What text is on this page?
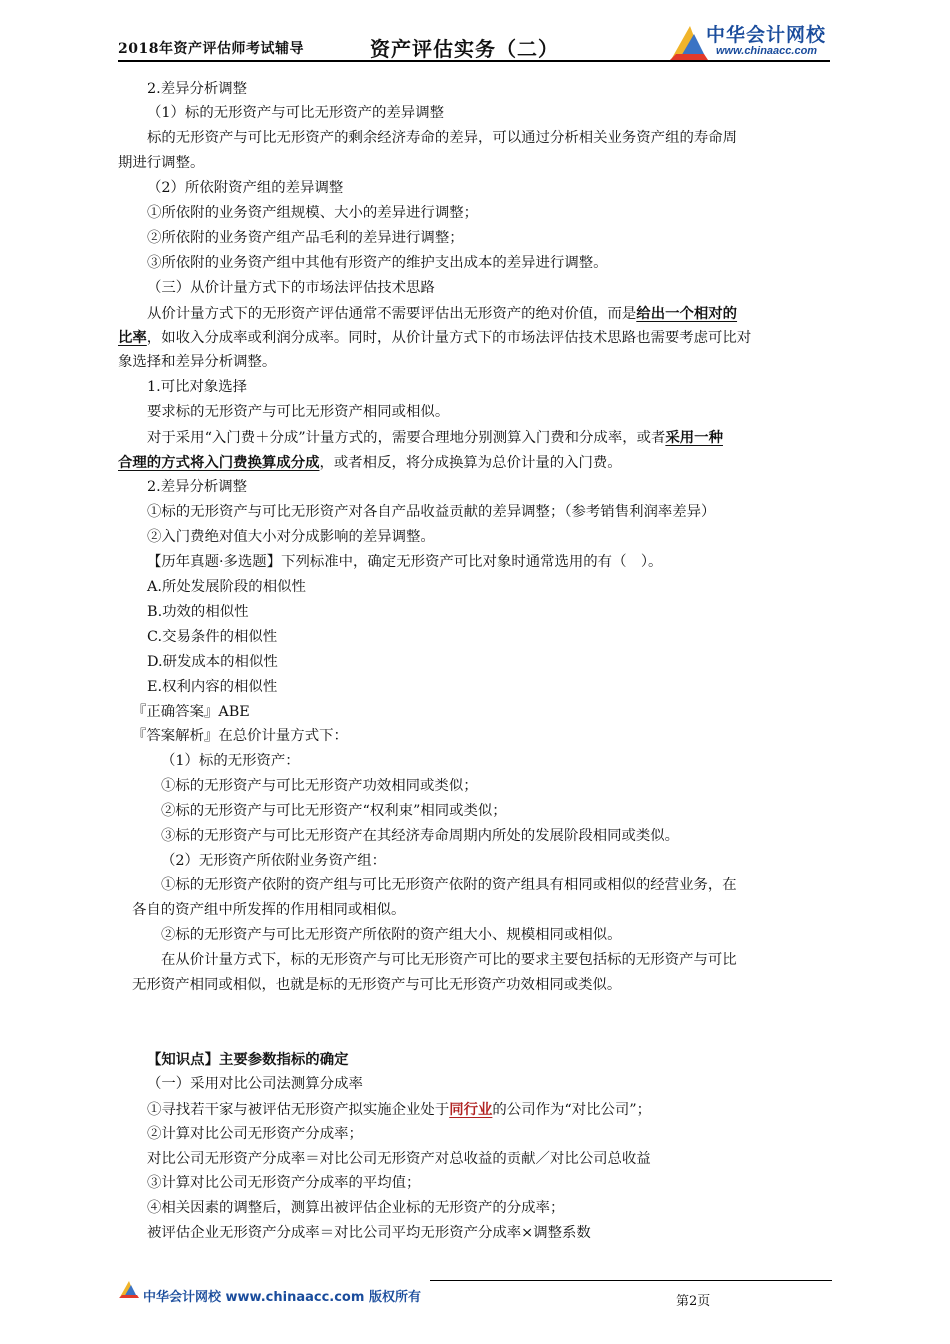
2018年资产评估师考试辅导	资产评估实务（二）
中华会计网校
www.chinaacc.com
2.差异分析调整
（1）标的无形资产与可比无形资产的差异调整
标的无形资产与可比无形资产的剩余经济寿命的差异，可以通过分析相关业务资产组的寿命周
期进行调整。
（2）所依附资产组的差异调整
①所依附的业务资产组规模、大小的差异进行调整；
②所依附的业务资产组产品毛利的差异进行调整；
③所依附的业务资产组中其他有形资产的维护支出成本的差异进行调整。
（三）从价计量方式下的市场法评估技术思路
从价计量方式下的无形资产评估通常不需要评估出无形资产的绝对价值，而是给出一个相对的
比率，如收入分成率或利润分成率。同时，从价计量方式下的市场法评估技术思路也需要考虑可比对
象选择和差异分析调整。
1.可比对象选择
要求标的无形资产与可比无形资产相同或相似。
对于采用“入门费＋分成”计量方式的，需要合理地分别测算入门费和分成率，或者采用一种
合理的方式将入门费换算成分成，或者相反，将分成换算为总价计量的入门费。
2.差异分析调整
①标的无形资产与可比无形资产对各自产品收益贡献的差异调整；（参考销售利润率差异）
②入门费绝对值大小对分成影响的差异调整。
【历年真题·多选题】下列标准中，确定无形资产可比对象时通常选用的有（　）。
A.所处发展阶段的相似性
B.功效的相似性
C.交易条件的相似性
D.研发成本的相似性
E.权利内容的相似性
『正确答案』ABE
『答案解析』在总价计量方式下：
（1）标的无形资产：
①标的无形资产与可比无形资产功效相同或类似；
②标的无形资产与可比无形资产“权利束”相同或类似；
③标的无形资产与可比无形资产在其经济寿命周期内所处的发展阶段相同或类似。
（2）无形资产所依附业务资产组：
①标的无形资产依附的资产组与可比无形资产依附的资产组具有相同或相似的经营业务，在
各自的资产组中所发挥的作用相同或相似。
②标的无形资产与可比无形资产所依附的资产组大小、规模相同或相似。
在从价计量方式下，标的无形资产与可比无形资产可比的要求主要包括标的无形资产与可比
无形资产相同或相似，也就是标的无形资产与可比无形资产功效相同或类似。
【知识点】主要参数指标的确定
（一）采用对比公司法测算分成率
①寻找若干家与被评估无形资产拟实施企业处于同行业的公司作为“对比公司”；
②计算对比公司无形资产分成率；
对比公司无形资产分成率＝对比公司无形资产对总收益的贡献／对比公司总收益
③计算对比公司无形资产分成率的平均值；
④相关因素的调整后，测算出被评估企业标的无形资产的分成率；
被评估企业无形资产分成率＝对比公司平均无形资产分成率×调整系数
中华会计网校 www.chinaacc.com 版权所有	第2页
